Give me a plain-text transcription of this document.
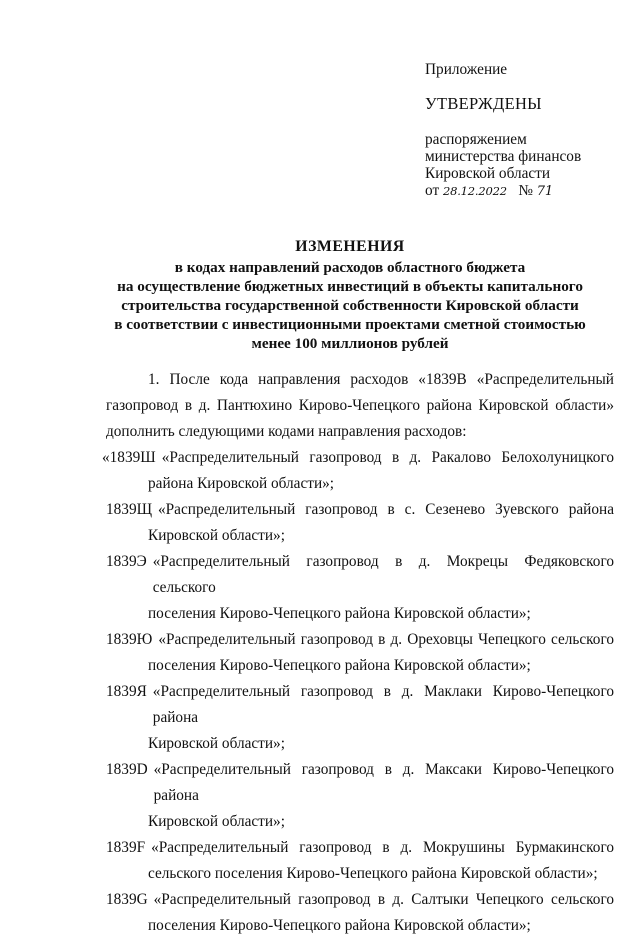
Приложение
УТВЕРЖДЕНЫ
распоряжением
министерства финансов
Кировской области
от 28.12.2022 № 71
ИЗМЕНЕНИЯ
в кодах направлений расходов областного бюджета
на осуществление бюджетных инвестиций в объекты капитального
строительства государственной собственности Кировской области
в соответствии с инвестиционными проектами сметной стоимостью
менее 100 миллионов рублей
1. После кода направления расходов «1839В «Распределительный
газопровод в д. Пантюхино Кирово-Чепецкого района Кировской области»
дополнить следующими кодами направления расходов:
«1839Ш «Распределительный газопровод в д. Ракалово Белохолуницкого
района Кировской области»;
1839Щ «Распределительный газопровод в с. Сезенево Зуевского района
Кировской области»;
1839Э «Распределительный газопровод в д. Мокрецы Федяковского сельского
поселения Кирово-Чепецкого района Кировской области»;
1839Ю «Распределительный газопровод в д. Ореховцы Чепецкого сельского
поселения Кирово-Чепецкого района Кировской области»;
1839Я «Распределительный газопровод в д. Маклаки Кирово-Чепецкого района
Кировской области»;
1839D «Распределительный газопровод в д. Максаки Кирово-Чепецкого района
Кировской области»;
1839F «Распределительный газопровод в д. Мокрушины Бурмакинского
сельского поселения Кирово-Чепецкого района Кировской области»;
1839G «Распределительный газопровод в д. Салтыки Чепецкого сельского
поселения Кирово-Чепецкого района Кировской области»;
